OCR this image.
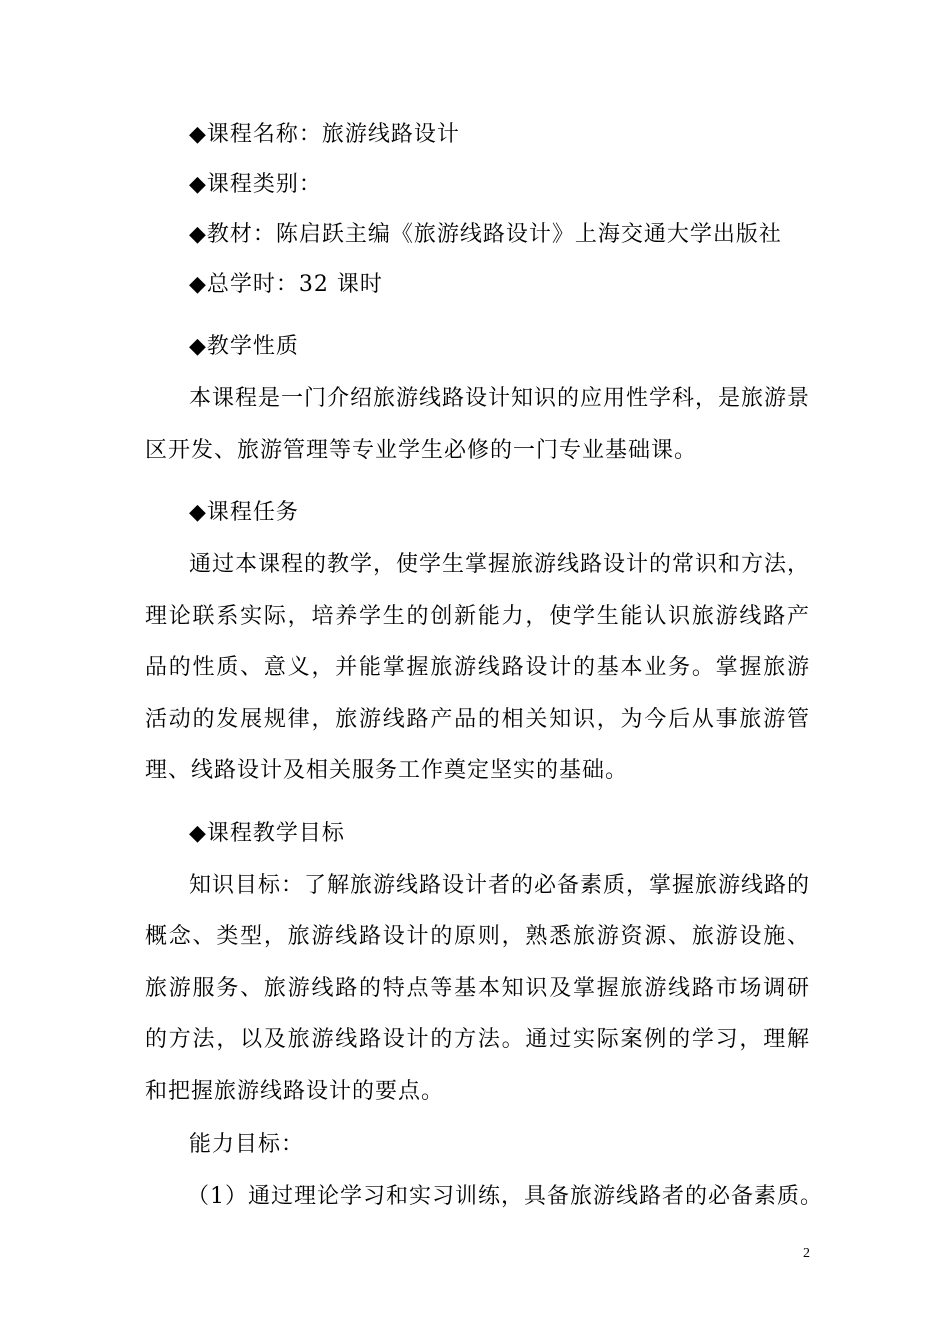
◆课程名称：旅游线路设计
◆课程类别：
◆教材：陈启跃主编《旅游线路设计》上海交通大学出版社
◆总学时：32 课时
◆教学性质

本课程是一门介绍旅游线路设计知识的应用性学科，是旅游景区开发、旅游管理等专业学生必修的一门专业基础课。

◆课程任务

通过本课程的教学，使学生掌握旅游线路设计的常识和方法，理论联系实际，培养学生的创新能力，使学生能认识旅游线路产品的性质、意义，并能掌握旅游线路设计的基本业务。掌握旅游活动的发展规律，旅游线路产品的相关知识，为今后从事旅游管理、线路设计及相关服务工作奠定坚实的基础。

◆课程教学目标

知识目标：了解旅游线路设计者的必备素质，掌握旅游线路的概念、类型，旅游线路设计的原则，熟悉旅游资源、旅游设施、旅游服务、旅游线路的特点等基本知识及掌握旅游线路市场调研的方法，以及旅游线路设计的方法。通过实际案例的学习，理解和把握旅游线路设计的要点。

能力目标：
（1）通过理论学习和实习训练，具备旅游线路者的必备素质。
2
